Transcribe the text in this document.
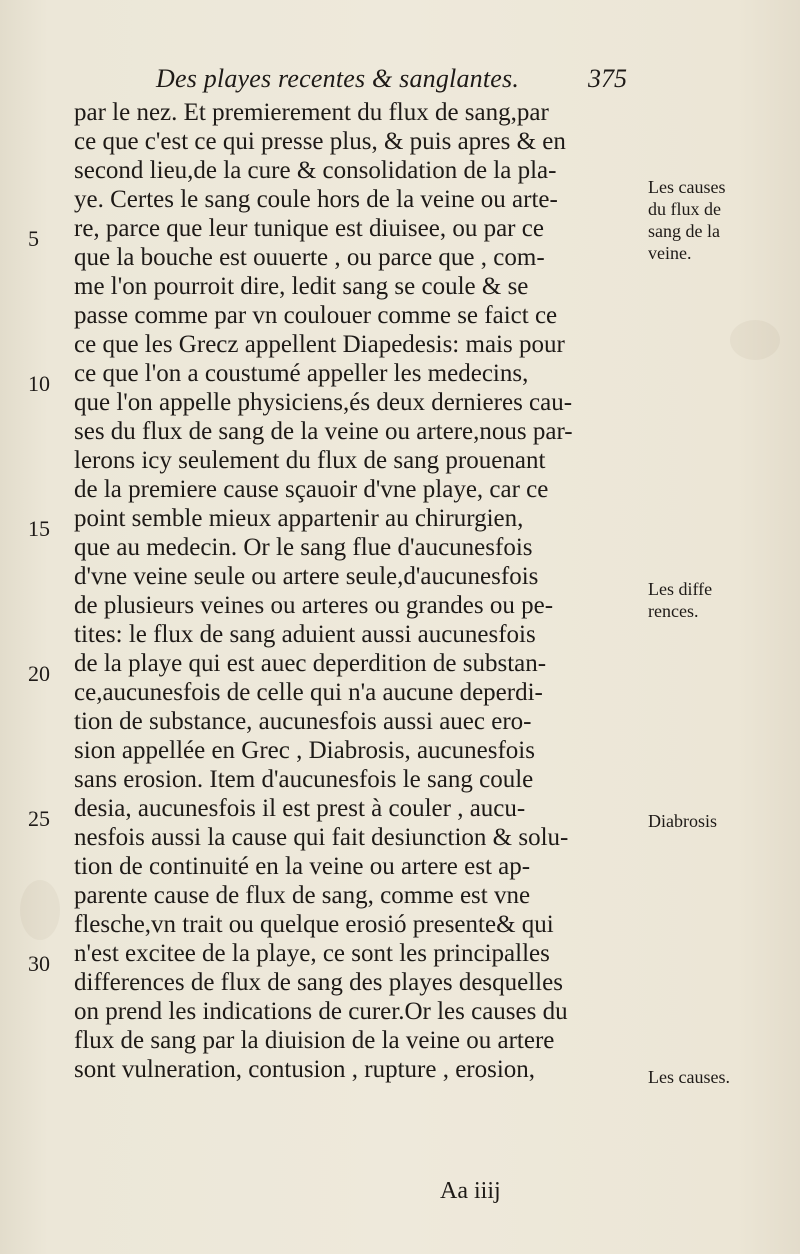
Des playes recentes & sanglantes.	375
par le nez. Et premierement du flux de sang,par
ce que c'est ce qui presse plus, & puis apres & en
second lieu,de la cure & consolidation de la pla-
ye. Certes le sang coule hors de la veine ou arte-
re, parce que leur tunique est diuisee, ou par ce
que la bouche est ouuerte , ou parce que , com-
me l'on pourroit dire, ledit sang se coule & se
passe comme par vn coulouer comme se faict ce
ce que les Grecz appellent Diapedesis: mais pour
ce que l'on a coustumé appeller les medecins,
que l'on appelle physiciens,és deux dernieres cau-
ses du flux de sang de la veine ou artere,nous par-
lerons icy seulement du flux de sang prouenant
de la premiere cause sçauoir d'vne playe, car ce
point semble mieux appartenir au chirurgien,
que au medecin. Or le sang flue d'aucunesfois
d'vne veine seule ou artere seule,d'aucunesfois
de plusieurs veines ou arteres ou grandes ou pe-
tites: le flux de sang aduient aussi aucunesfois
de la playe qui est auec deperdition de substan-
ce,aucunesfois de celle qui n'a aucune deperdi-
tion de substance, aucunesfois aussi auec ero-
sion appellée en Grec , Diabrosis, aucunesfois
sans erosion. Item d'aucunesfois le sang coule
desia, aucunesfois il est prest à couler , aucu-
nesfois aussi la cause qui fait desiunction & solu-
tion de continuité en la veine ou artere est ap-
parente cause de flux de sang, comme est vne
flesche,vn trait ou quelque erosió presente& qui
n'est excitee de la playe, ce sont les principalles
differences de flux de sang des playes desquelles
on prend les indications de curer.Or les causes du
flux de sang par la diuision de la veine ou artere
sont vulneration, contusion , rupture , erosion,
5
10
15
20
25
30
Les causes
du flux de
sang de la
veine.
Les diffe
rences.
Diabrosis
Les causes.
Aa iiij
